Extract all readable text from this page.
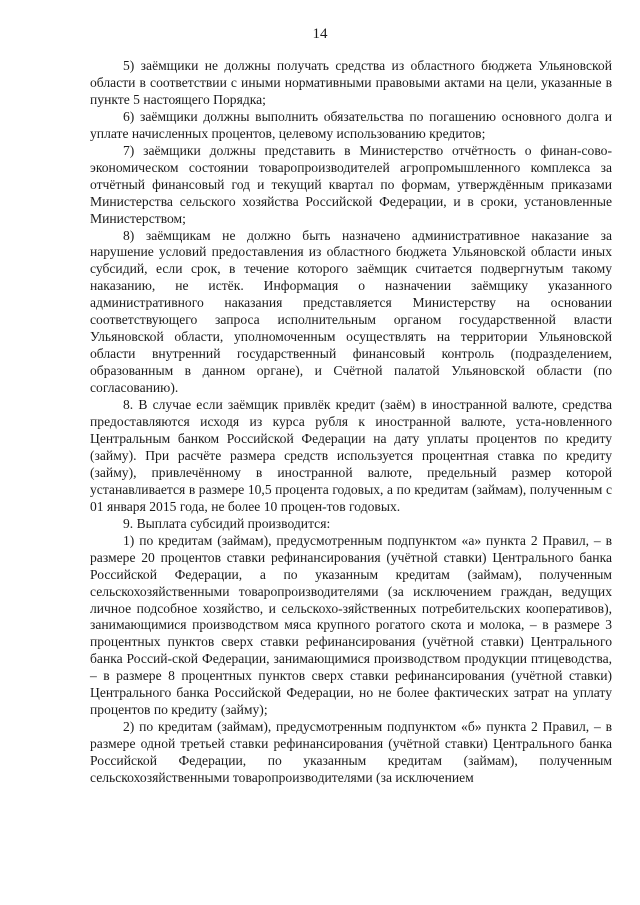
14

5) заёмщики не должны получать средства из областного бюджета Ульяновской области в соответствии с иными нормативными правовыми актами на цели, указанные в пункте 5 настоящего Порядка;

6) заёмщики должны выполнить обязательства по погашению основного долга и уплате начисленных процентов, целевому использованию кредитов;

7) заёмщики должны представить в Министерство отчётность о финан-сово-экономическом состоянии товаропроизводителей агропромышленного комплекса за отчётный финансовый год и текущий квартал по формам, утверждённым приказами Министерства сельского хозяйства Российской Федерации, и в сроки, установленные Министерством;

8) заёмщикам не должно быть назначено административное наказание за нарушение условий предоставления из областного бюджета Ульяновской области иных субсидий, если срок, в течение которого заёмщик считается подвергнутым такому наказанию, не истёк. Информация о назначении заёмщику указанного административного наказания представляется Министерству на основании соответствующего запроса исполнительным органом государственной власти Ульяновской области, уполномоченным осуществлять на территории Ульяновской области внутренний государственный финансовый контроль (подразделением, образованным в данном органе), и Счётной палатой Ульяновской области (по согласованию).

8. В случае если заёмщик привлёк кредит (заём) в иностранной валюте, средства предоставляются исходя из курса рубля к иностранной валюте, уста-новленного Центральным банком Российской Федерации на дату уплаты процентов по кредиту (займу). При расчёте размера средств используется процентная ставка по кредиту (займу), привлечённому в иностранной валюте, предельный размер которой устанавливается в размере 10,5 процента годовых, а по кредитам (займам), полученным с 01 января 2015 года, не более 10 процен-тов годовых.

9. Выплата субсидий производится:

1) по кредитам (займам), предусмотренным подпунктом «а» пункта 2 Правил, – в размере 20 процентов ставки рефинансирования (учётной ставки) Центрального банка Российской Федерации, а по указанным кредитам (займам), полученным сельскохозяйственными товаропроизводителями (за исключением граждан, ведущих личное подсобное хозяйство, и сельскохо-зяйственных потребительских кооперативов), занимающимися производством мяса крупного рогатого скота и молока, – в размере 3 процентных пунктов сверх ставки рефинансирования (учётной ставки) Центрального банка Россий-ской Федерации, занимающимися производством продукции птицеводства, – в размере 8 процентных пунктов сверх ставки рефинансирования (учётной ставки) Центрального банка Российской Федерации, но не более фактических затрат на уплату процентов по кредиту (займу);

2) по кредитам (займам), предусмотренным подпунктом «б» пункта 2 Правил, – в размере одной третьей ставки рефинансирования (учётной ставки) Центрального банка Российской Федерации, по указанным кредитам (займам), полученным сельскохозяйственными товаропроизводителями (за исключением
